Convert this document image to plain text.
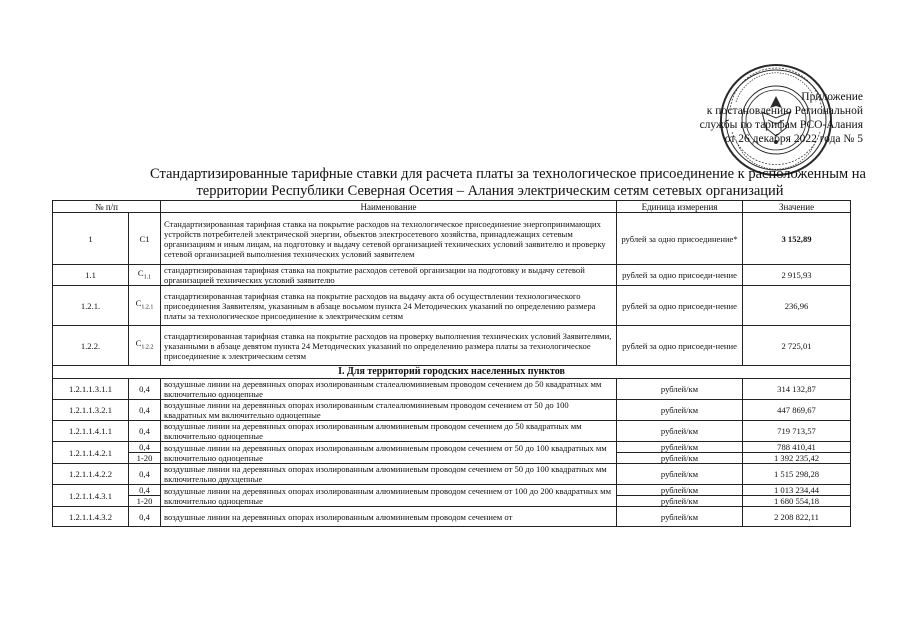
Приложение
к постановлению Региональной
службы по тарифам РСО-Алания
от 26 декабря 2022 года № 5
Стандартизированные тарифные ставки для расчета платы за технологическое присоединение к расположенным на
территории Республики Северная Осетия – Алания электрическим сетям сетевых организаций
№ п/п		Наименование	Единица измерения	Значение
1	C1	Стандартизированная тарифная ставка на покрытие расходов на технологическое присоединение энергопринимающих устройств потребителей электрической энергии, объектов электросетевого хозяйства, принадлежащих сетевым организациям и иным лицам, на подготовку и выдачу сетевой организацией технических условий заявителю и проверку сетевой организацией выполнения технических условий заявителем	рублей за одно присоединение*	3 152,89
1.1	$C_{1.1}$	стандартизированная тарифная ставка на покрытие расходов сетевой организации на подготовку и выдачу сетевой организацией технических условий заявителю	рублей за одно присоеди-нение	2 915,93
1.2.1.	$C_{1.2.1}$	стандартизированная тарифная ставка на покрытие расходов на выдачу акта об осуществлении технологического присоединения Заявителям, указанным в абзаце восьмом пункта 24 Методических указаний по определению размера платы за технологическое присоединение к электрическим сетям	рублей за одно присоеди-нение	236,96
1.2.2.	$C_{1.2.2}$	стандартизированная тарифная ставка на покрытие расходов на проверку выполнения технических условий Заявителями, указанными в абзаце девятом пункта 24 Методических указаний по определению размера платы за технологическое присоединение к электрическим сетям	рублей за одно присоеди-нение	2 725,01
I. Для территорий городских населенных пунктов				
1.2.1.1.3.1.1	0,4	воздушные линии на деревянных опорах изолированным сталеалюминиевым проводом сечением до 50 квадратных мм включительно одноцепные	рублей/км	314 132,87
1.2.1.1.3.2.1	0,4	воздушные линии на деревянных опорах изолированным сталеалюминиевым проводом сечением от 50 до 100 квадратных мм включительно одноцепные	рублей/км	447 869,67
1.2.1.1.4.1.1	0,4	воздушные линии на деревянных опорах изолированным алюминиевым проводом сечением до 50 квадратных мм включительно одноцепные	рублей/км	719 713,57
1.2.1.1.4.2.1	0,4	воздушные линии на деревянных опорах изолированным алюминиевым проводом сечением от 50 до 100 квадратных мм включительно одноцепные	рублей/км	788 410,41
	1-20		рублей/км	1 392 235,42
1.2.1.1.4.2.2	0,4	воздушные линии на деревянных опорах изолированным алюминиевым проводом сечением от 50 до 100 квадратных мм включительно двухцепные	рублей/км	1 515 298,28
1.2.1.1.4.3.1	0,4	воздушные линии на деревянных опорах изолированным алюминиевым проводом сечением от 100 до 200 квадратных мм включительно одноцепные	рублей/км	1 013 234,44
	1-20		рублей/км	1 680 554,18
1.2.1.1.4.3.2	0,4	воздушные линии на деревянных опорах изолированным алюминиевым проводом сечением от	рублей/км	2 208 822,11
